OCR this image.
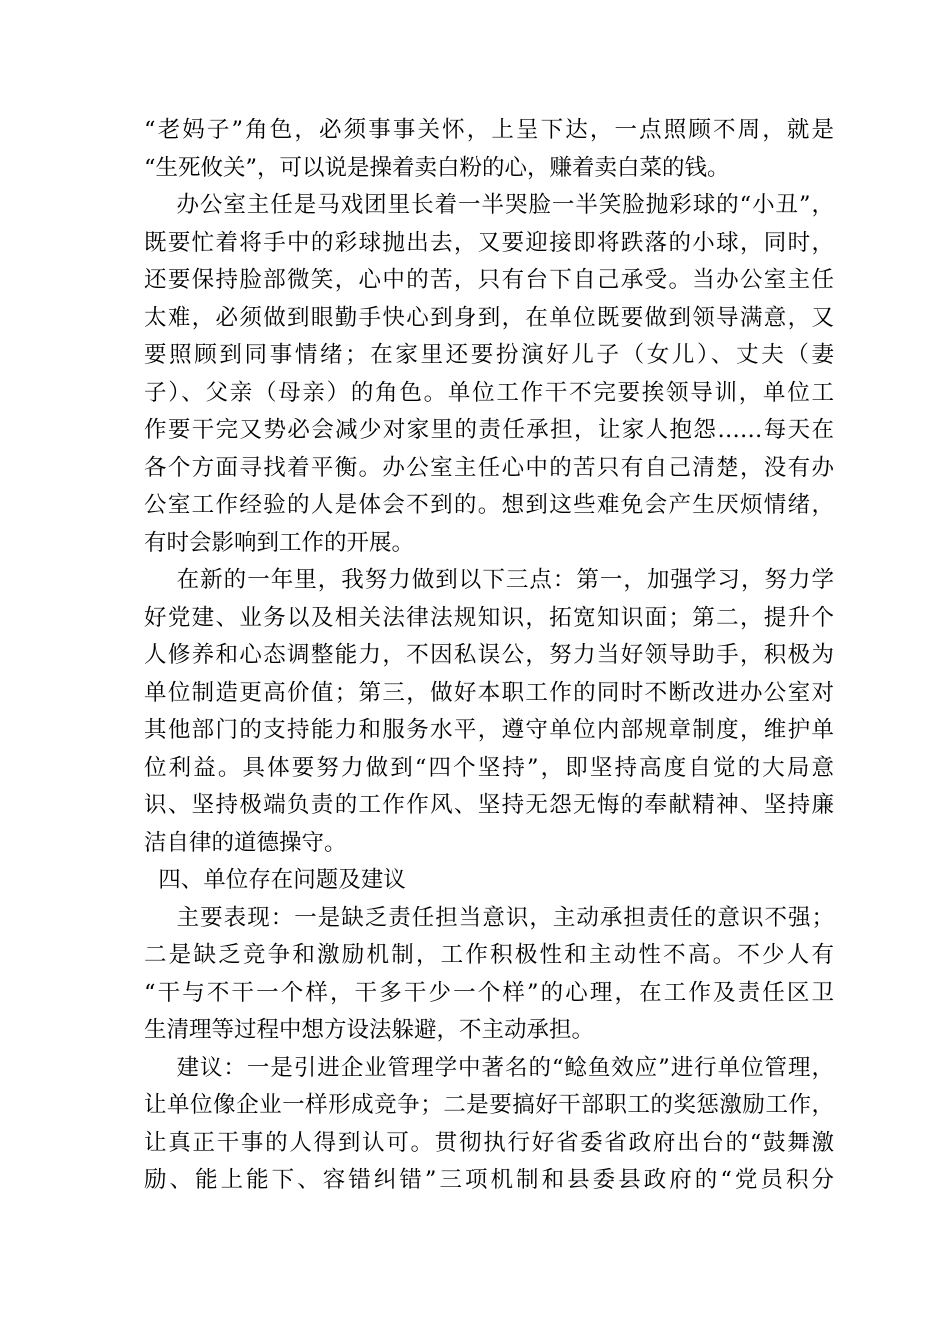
“老妈子”角色，必须事事关怀，上呈下达，一点照顾不周，就是

“生死攸关”，可以说是操着卖白粉的心，赚着卖白菜的钱。

办公室主任是马戏团里长着一半哭脸一半笑脸抛彩球的“小丑”，

既要忙着将手中的彩球抛出去，又要迎接即将跌落的小球，同时，

还要保持脸部微笑，心中的苦，只有台下自己承受。当办公室主任

太难，必须做到眼勤手快心到身到，在单位既要做到领导满意，又

要照顾到同事情绪；在家里还要扮演好儿子（女儿）、丈夫（妻

子）、父亲（母亲）的角色。单位工作干不完要挨领导训，单位工

作要干完又势必会减少对家里的责任承担，让家人抱怨……每天在

各个方面寻找着平衡。办公室主任心中的苦只有自己清楚，没有办

公室工作经验的人是体会不到的。想到这些难免会产生厌烦情绪，

有时会影响到工作的开展。

在新的一年里，我努力做到以下三点：第一，加强学习，努力学

好党建、业务以及相关法律法规知识，拓宽知识面；第二，提升个

人修养和心态调整能力，不因私误公，努力当好领导助手，积极为

单位制造更高价值；第三，做好本职工作的同时不断改进办公室对

其他部门的支持能力和服务水平，遵守单位内部规章制度，维护单

位利益。具体要努力做到“四个坚持”，即坚持高度自觉的大局意

识、坚持极端负责的工作作风、坚持无怨无悔的奉献精神、坚持廉

洁自律的道德操守。

四、单位存在问题及建议

主要表现：一是缺乏责任担当意识，主动承担责任的意识不强；

二是缺乏竞争和激励机制，工作积极性和主动性不高。不少人有

“干与不干一个样，干多干少一个样”的心理，在工作及责任区卫

生清理等过程中想方设法躲避，不主动承担。

建议：一是引进企业管理学中著名的“鲶鱼效应”进行单位管理，

让单位像企业一样形成竞争；二是要搞好干部职工的奖惩激励工作，

让真正干事的人得到认可。贯彻执行好省委省政府出台的“鼓舞激

励、能上能下、容错纠错”三项机制和县委县政府的“党员积分
